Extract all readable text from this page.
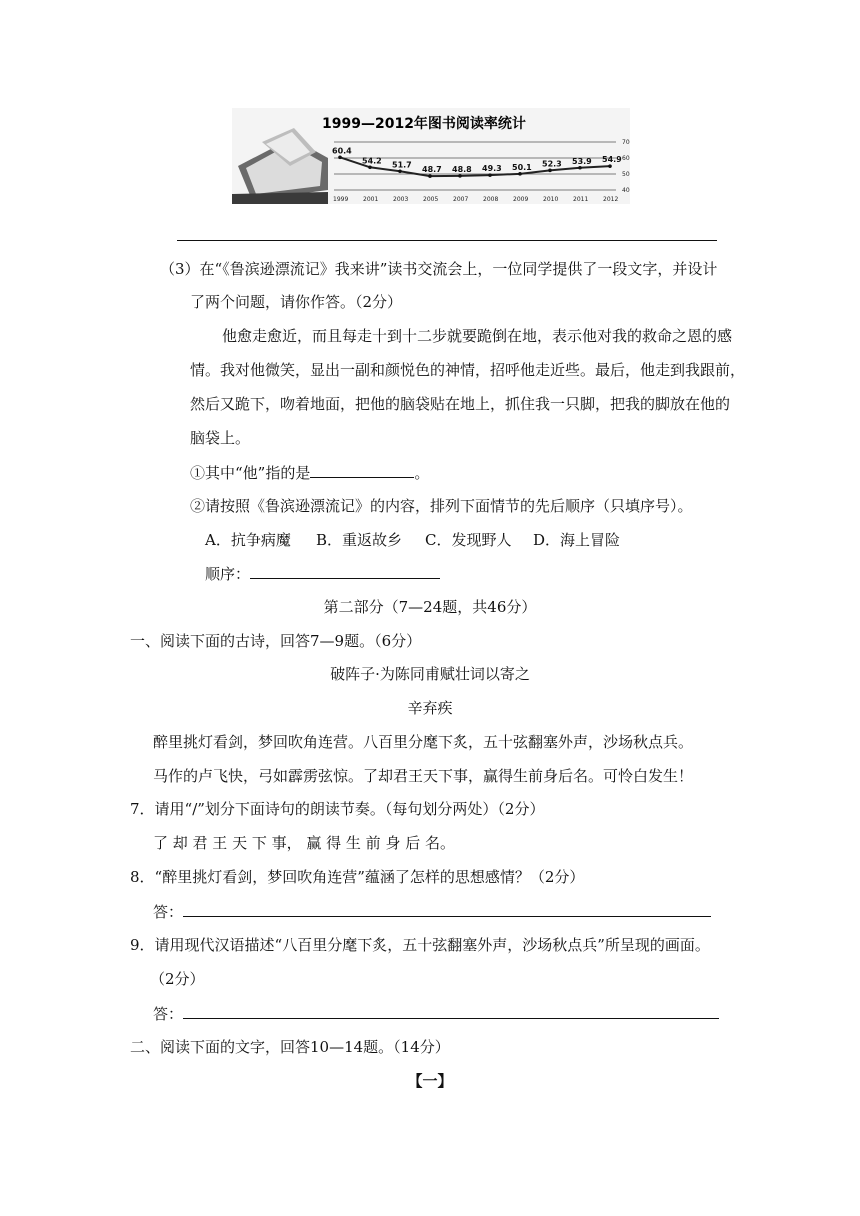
1999—2012年图书阅读率统计
70
60
50
40
60.4
1999
54.2
2001
51.7
2003
48.7
2005
48.8
2007
49.3
2008
50.1
2009
52.3
2010
53.9
2011
54.9
2012
（3）在“《鲁滨逊漂流记》我来讲”读书交流会上，一位同学提供了一段文字，并设计
了两个问题，请你作答。（2分）
他愈走愈近，而且每走十到十二步就要跪倒在地，表示他对我的救命之恩的感
情。我对他微笑，显出一副和颜悦色的神情，招呼他走近些。最后，他走到我跟前，
然后又跪下，吻着地面，把他的脑袋贴在地上，抓住我一只脚，把我的脚放在他的
脑袋上。
①其中“他”指的是	。
②请按照《鲁滨逊漂流记》的内容，排列下面情节的先后顺序（只填序号）。
A．抗争病魔 B．重返故乡 C．发现野人 D．海上冒险
顺序：
第二部分（7—24题，共46分）
一、阅读下面的古诗，回答7—9题。（6分）
破阵子·为陈同甫赋壮词以寄之
辛弃疾
醉里挑灯看剑，梦回吹角连营。八百里分麾下炙，五十弦翻塞外声，沙场秋点兵。
马作的卢飞快，弓如霹雳弦惊。了却君王天下事，赢得生前身后名。可怜白发生！
7．请用“/”划分下面诗句的朗读节奏。（每句划分两处）（2分）
了 却 君 王 天 下 事， 赢 得 生 前 身 后 名。
8．“醉里挑灯看剑，梦回吹角连营”蕴涵了怎样的思想感情？（2分）
答：
9．请用现代汉语描述“八百里分麾下炙，五十弦翻塞外声，沙场秋点兵”所呈现的画面。
（2分）
答：
二、阅读下面的文字，回答10—14题。（14分）
【一】
